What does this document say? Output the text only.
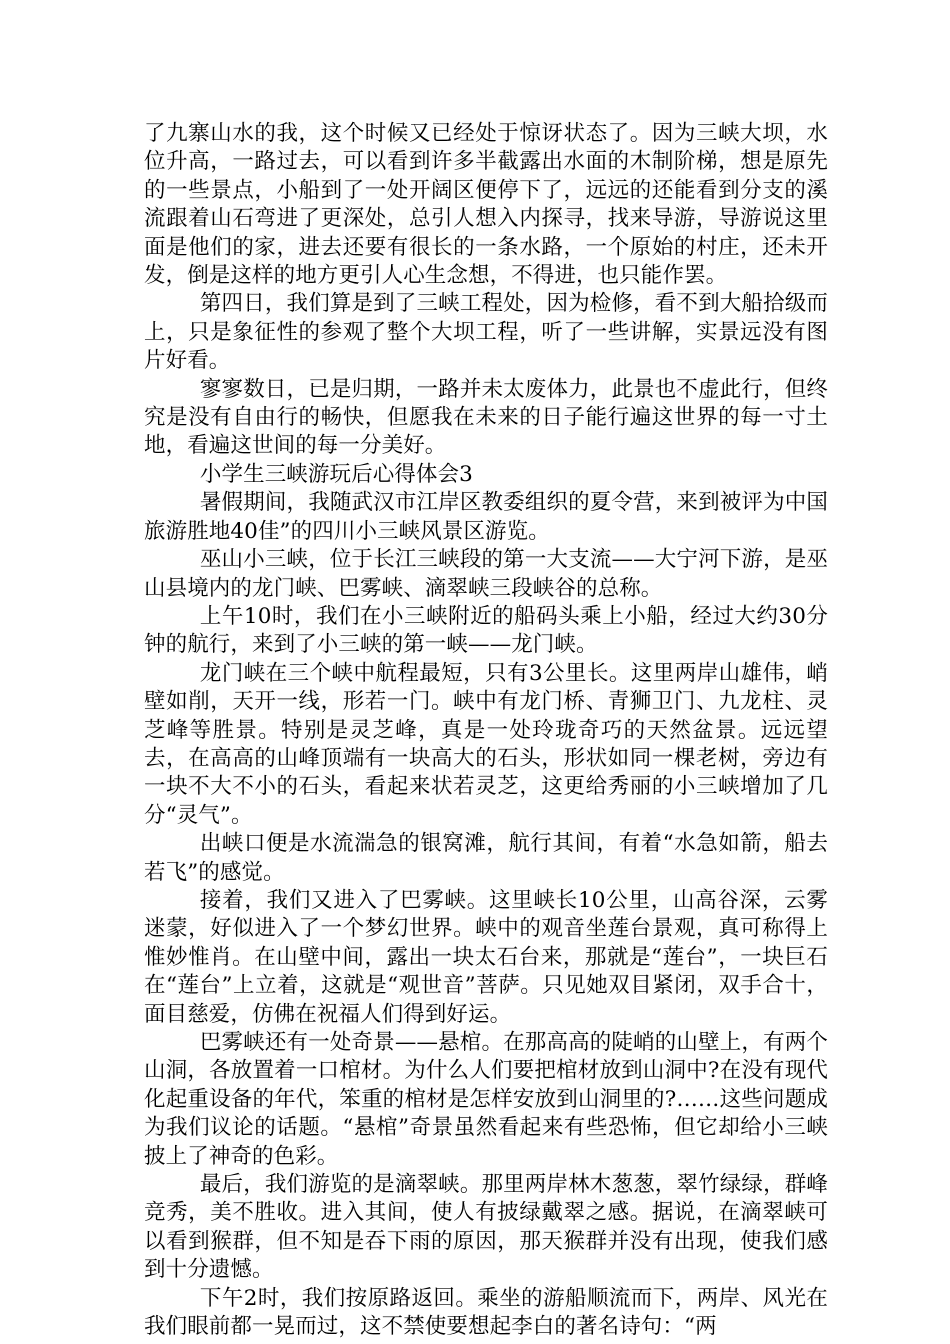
了九寨山水的我，这个时候又已经处于惊讶状态了。因为三峡大坝，水位升高，一路过去，可以看到许多半截露出水面的木制阶梯，想是原先的一些景点，小船到了一处开阔区便停下了，远远的还能看到分支的溪流跟着山石弯进了更深处，总引人想入内探寻，找来导游，导游说这里面是他们的家，进去还要有很长的一条水路，一个原始的村庄，还未开发，倒是这样的地方更引人心生念想，不得进，也只能作罢。

第四日，我们算是到了三峡工程处，因为检修，看不到大船拾级而上，只是象征性的参观了整个大坝工程，听了一些讲解，实景远没有图片好看。

寥寥数日，已是归期，一路并未太废体力，此景也不虚此行，但终究是没有自由行的畅快，但愿我在未来的日子能行遍这世界的每一寸土地，看遍这世间的每一分美好。

小学生三峡游玩后心得体会3

暑假期间，我随武汉市江岸区教委组织的夏令营，来到被评为中国旅游胜地40佳”的四川小三峡风景区游览。

巫山小三峡，位于长江三峡段的第一大支流——大宁河下游，是巫山县境内的龙门峡、巴雾峡、滴翠峡三段峡谷的总称。

上午10时，我们在小三峡附近的船码头乘上小船，经过大约30分钟的航行，来到了小三峡的第一峡——龙门峡。

龙门峡在三个峡中航程最短，只有3公里长。这里两岸山雄伟，峭壁如削，天开一线，形若一门。峡中有龙门桥、青狮卫门、九龙柱、灵芝峰等胜景。特别是灵芝峰，真是一处玲珑奇巧的天然盆景。远远望去，在高高的山峰顶端有一块高大的石头，形状如同一棵老树，旁边有一块不大不小的石头，看起来状若灵芝，这更给秀丽的小三峡增加了几分“灵气”。

出峡口便是水流湍急的银窝滩，航行其间，有着“水急如箭，船去若飞”的感觉。

接着，我们又进入了巴雾峡。这里峡长10公里，山高谷深，云雾迷蒙，好似进入了一个梦幻世界。峡中的观音坐莲台景观，真可称得上惟妙惟肖。在山壁中间，露出一块太石台来，那就是“莲台”，一块巨石在“莲台”上立着，这就是“观世音”菩萨。只见她双目紧闭，双手合十，面目慈爱，仿佛在祝福人们得到好运。

巴雾峡还有一处奇景——悬棺。在那高高的陡峭的山壁上，有两个山洞，各放置着一口棺材。为什么人们要把棺材放到山洞中?在没有现代化起重设备的年代，笨重的棺材是怎样安放到山洞里的?……这些问题成为我们议论的话题。“悬棺”奇景虽然看起来有些恐怖，但它却给小三峡披上了神奇的色彩。

最后，我们游览的是滴翠峡。那里两岸林木葱葱，翠竹绿绿，群峰竞秀，美不胜收。进入其间，使人有披绿戴翠之感。据说，在滴翠峡可以看到猴群，但不知是吞下雨的原因，那天猴群并没有出现，使我们感到十分遗憾。

下午2时，我们按原路返回。乘坐的游船顺流而下，两岸、风光在我们眼前都一晃而过，这不禁使要想起李白的著名诗句：“两
